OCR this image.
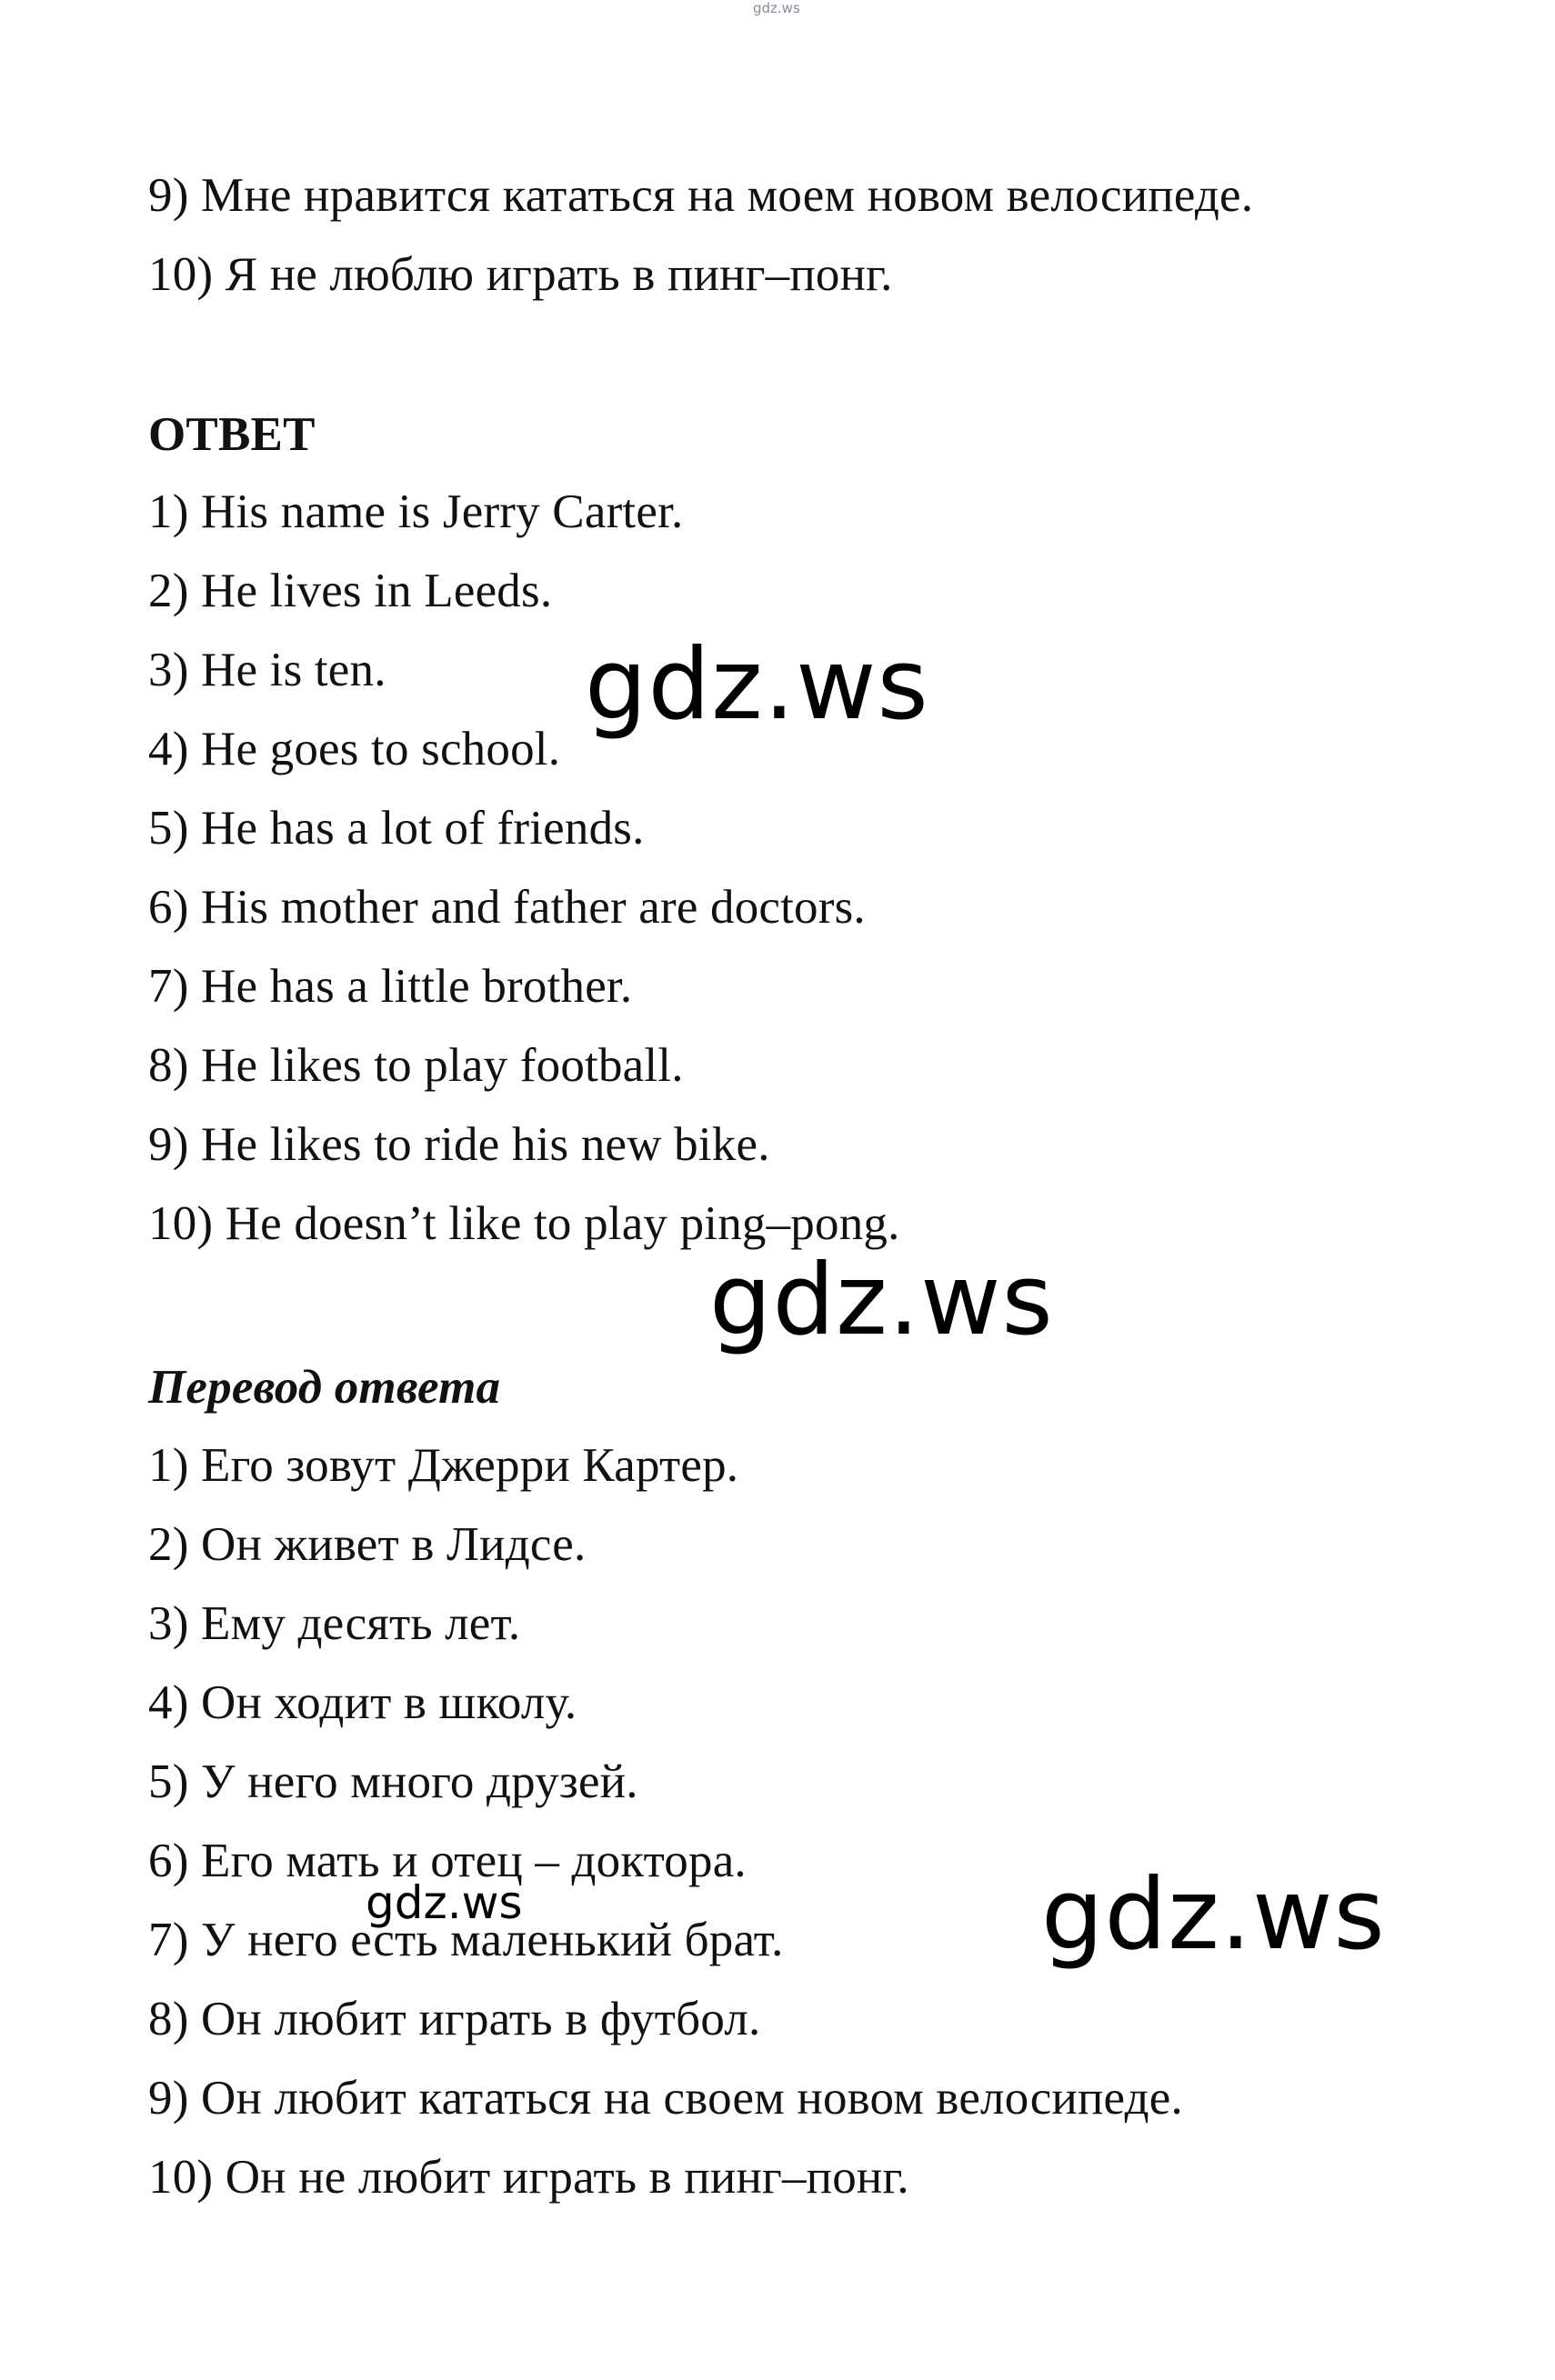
gdz.ws
9) Мне нравится кататься на моем новом велосипеде.
10) Я не люблю играть в пинг–понг.
ОТВЕТ
1) His name is Jerry Carter.
2) He lives in Leeds.
3) He is ten.
4) He goes to school.
5) He has a lot of friends.
6) His mother and father are doctors.
7) He has a little brother.
8) He likes to play football.
9) He likes to ride his new bike.
10) He doesn’t like to play ping–pong.
Перевод ответа
1) Его зовут Джерри Картер.
2) Он живет в Лидсе.
3) Ему десять лет.
4) Он ходит в школу.
5) У него много друзей.
6) Его мать и отец – доктора.
7) У него есть маленький брат.
8) Он любит играть в футбол.
9) Он любит кататься на своем новом велосипеде.
10) Он не любит играть в пинг–понг.
gdz.ws
gdz.ws
gdz.ws
gdz.ws
